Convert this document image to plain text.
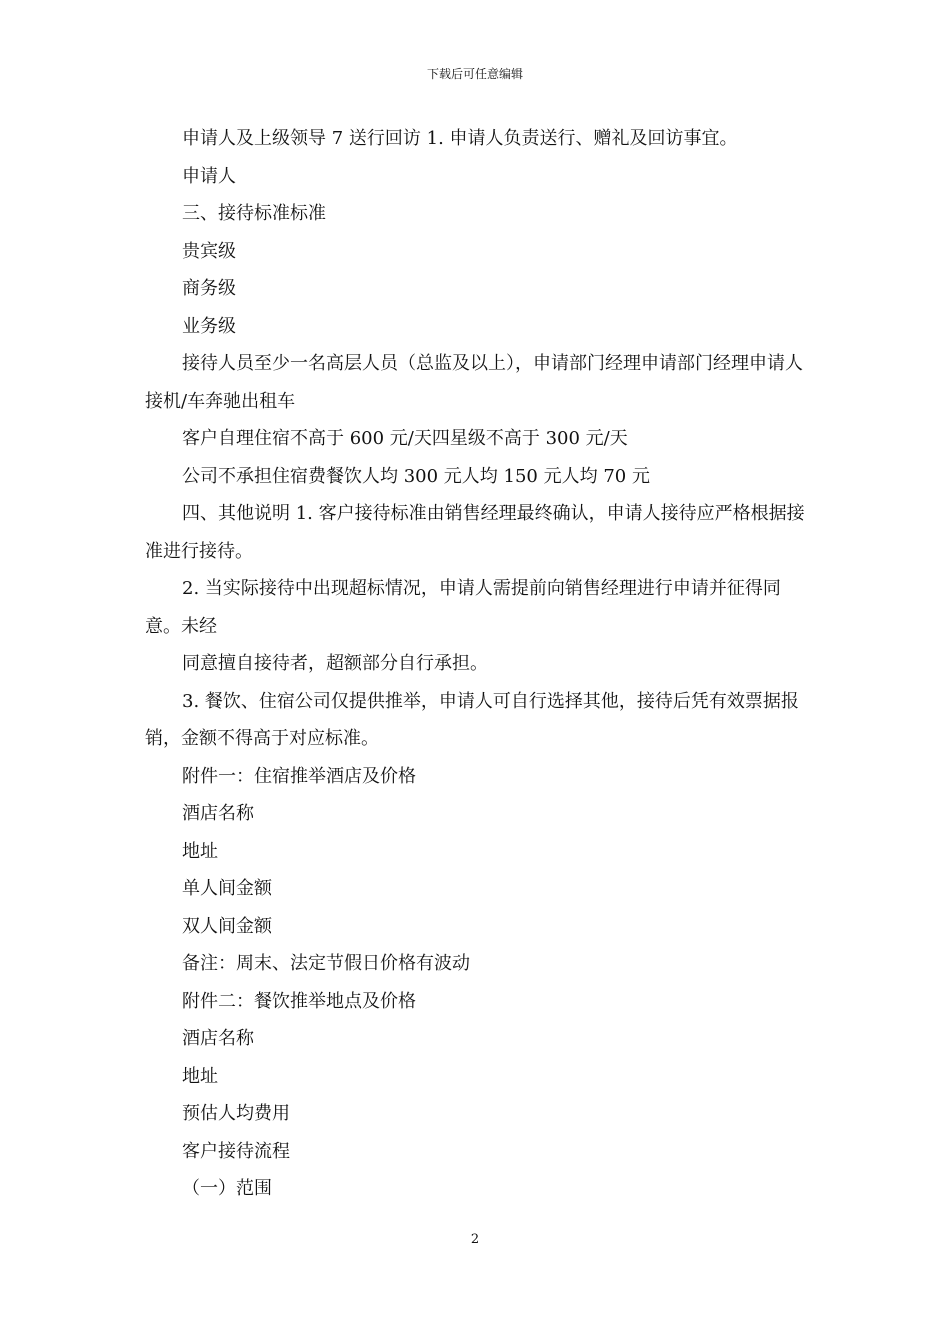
下载后可任意编辑

申请人及上级领导 7 送行回访 1. 申请人负责送行、赠礼及回访事宜。

申请人

三、接待标准标准

贵宾级

商务级

业务级

接待人员至少一名高层人员（总监及以上），申请部门经理申请部门经理申请人接机/车奔驰出租车

客户自理住宿不高于 600 元/天四星级不高于 300 元/天

公司不承担住宿费餐饮人均 300 元人均 150 元人均 70 元

四、其他说明 1. 客户接待标准由销售经理最终确认，申请人接待应严格根据接准进行接待。

2. 当实际接待中出现超标情况，申请人需提前向销售经理进行申请并征得同意。未经

同意擅自接待者，超额部分自行承担。

3. 餐饮、住宿公司仅提供推举，申请人可自行选择其他，接待后凭有效票据报销，金额不得高于对应标准。

附件一：住宿推举酒店及价格

酒店名称

地址

单人间金额

双人间金额

备注：周末、法定节假日价格有波动

附件二：餐饮推举地点及价格

酒店名称

地址

预估人均费用

客户接待流程

（一）范围

2
